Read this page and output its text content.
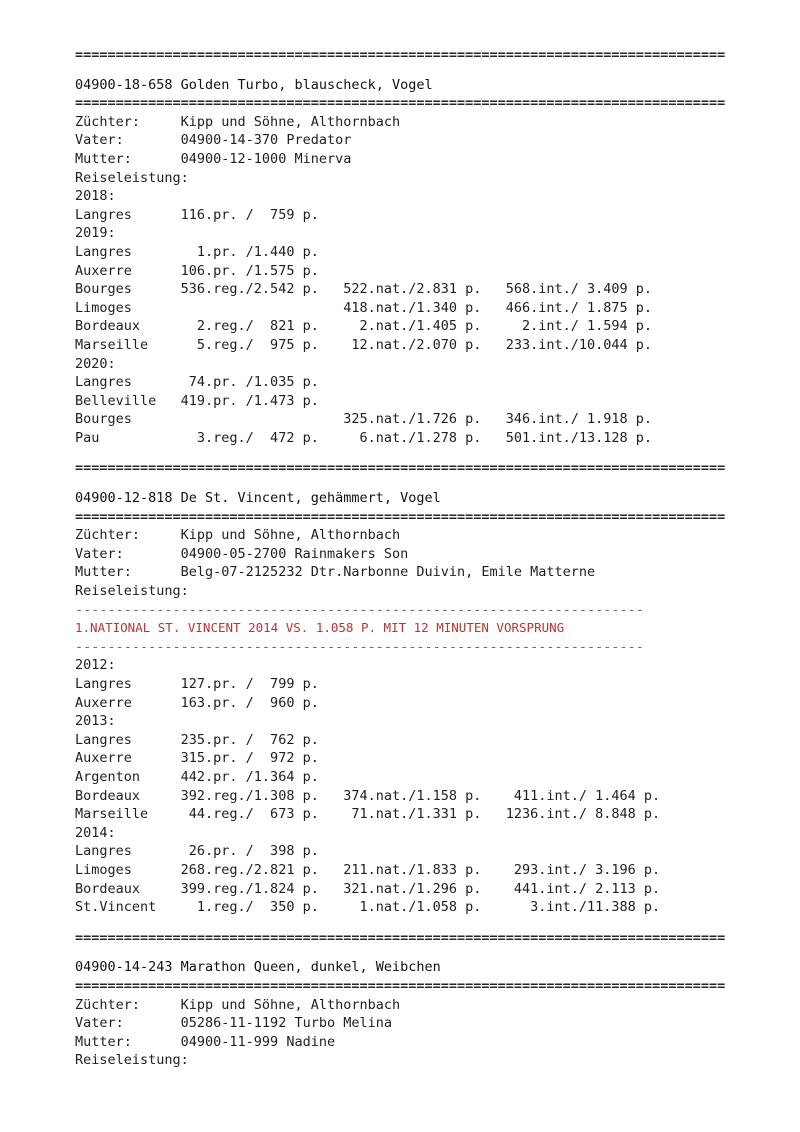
================================================================================
04900-18-658 Golden Turbo, blauscheck, Vogel
================================================================================
Züchter:	Kipp und Söhne, Althornbach
Vater:	04900-14-370 Predator
Mutter:	04900-12-1000 Minerva
Reiseleistung:
2018:
Langres	116.pr. /  759 p.
2019:
Langres	1.pr. /1.440 p.
Auxerre	106.pr. /1.575 p.
Bourges	536.reg./2.542 p. 522.nat./2.831 p. 568.int./ 3.409 p.
Limoges	418.nat./1.340 p. 466.int./ 1.875 p.
Bordeaux	2.reg./  821 p.  2.nat./1.405 p.  2.int./ 1.594 p.
Marseille  5.reg./  975 p. 12.nat./2.070 p. 233.int./10.044 p.
2020:
Langres	74.pr. /1.035 p.
Belleville 419.pr. /1.473 p.
Bourges	325.nat./1.726 p. 346.int./ 1.918 p.
Pau	3.reg./  472 p.  6.nat./1.278 p. 501.int./13.128 p.
================================================================================
04900-12-818 De St. Vincent, gehämmert, Vogel
================================================================================
Züchter:	Kipp und Söhne, Althornbach
Vater:	04900-05-2700 Rainmakers Son
Mutter:	Belg-07-2125232 Dtr.Narbonne Duivin, Emile Matterne
Reiseleistung:
----------------------------------------------------------------------
1.NATIONAL ST. VINCENT 2014 VS. 1.058 P. MIT 12 MINUTEN VORSPRUNG
----------------------------------------------------------------------
2012:
Langres	127.pr. /  799 p.
Auxerre	163.pr. /  960 p.
2013:
Langres	235.pr. /  762 p.
Auxerre	315.pr. /  972 p.
Argenton	442.pr. /1.364 p.
Bordeaux	392.reg./1.308 p. 374.nat./1.158 p. 411.int./ 1.464 p.
Marseille 44.reg./  673 p. 71.nat./1.331 p. 1236.int./ 8.848 p.
2014:
Langres	26.pr. /  398 p.
Limoges	268.reg./2.821 p. 211.nat./1.833 p. 293.int./ 3.196 p.
Bordeaux	399.reg./1.824 p. 321.nat./1.296 p. 441.int./ 2.113 p.
St.Vincent  1.reg./  350 p.  1.nat./1.058 p.   3.int./11.388 p.
================================================================================
04900-14-243 Marathon Queen, dunkel, Weibchen
================================================================================
Züchter:	Kipp und Söhne, Althornbach
Vater:	05286-11-1192 Turbo Melina
Mutter:	04900-11-999 Nadine
Reiseleistung:
